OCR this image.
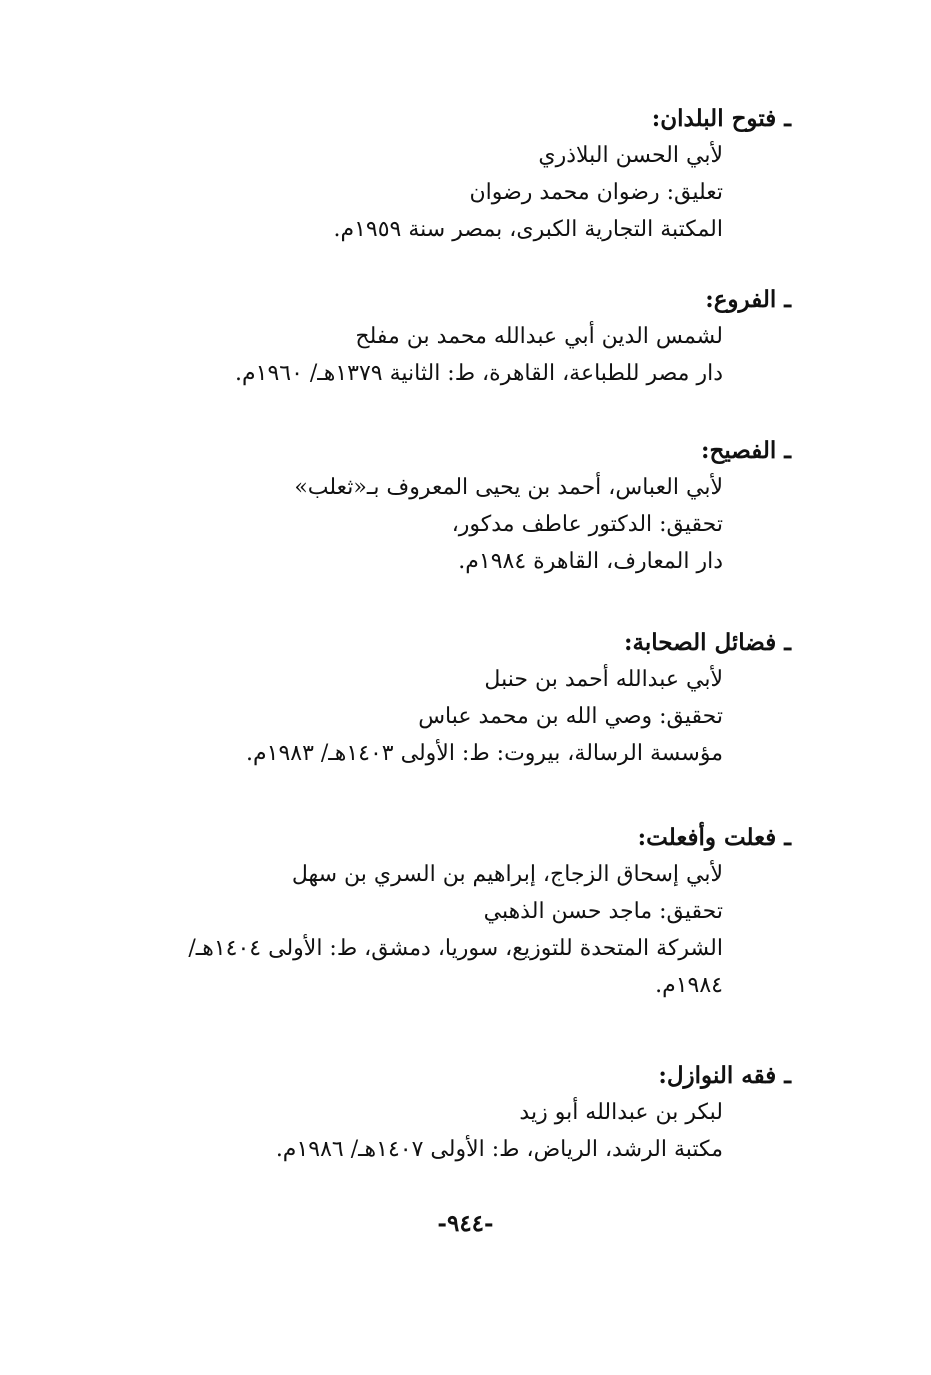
ـفتوح البلدان:
لأبي الحسن البلاذري
تعليق: رضوان محمد رضوان
المكتبة التجارية الكبرى، بمصر سنة ١٩٥٩م.
ـالفروع:
لشمس الدين أبي عبدالله محمد بن مفلح
دار مصر للطباعة، القاهرة، ط: الثانية ١٣٧٩هـ/ ١٩٦٠م.
ـالفصيح:
لأبي العباس، أحمد بن يحيى المعروف بـ«ثعلب»
تحقيق: الدكتور عاطف مدكور،
دار المعارف، القاهرة ١٩٨٤م.
ـفضائل الصحابة:
لأبي عبدالله أحمد بن حنبل
تحقيق: وصي الله بن محمد عباس
مؤسسة الرسالة، بيروت: ط: الأولى ١٤٠٣هـ/ ١٩٨٣م.
ـفعلت وأفعلت:
لأبي إسحاق الزجاج، إبراهيم بن السري بن سهل
تحقيق: ماجد حسن الذهبي
الشركة المتحدة للتوزيع، سوريا، دمشق، ط: الأولى ١٤٠٤هـ/
١٩٨٤م.
ـفقه النوازل:
لبكر بن عبدالله أبو زيد
مكتبة الرشد، الرياض، ط: الأولى ١٤٠٧هـ/ ١٩٨٦م.
-٩٤٤-
